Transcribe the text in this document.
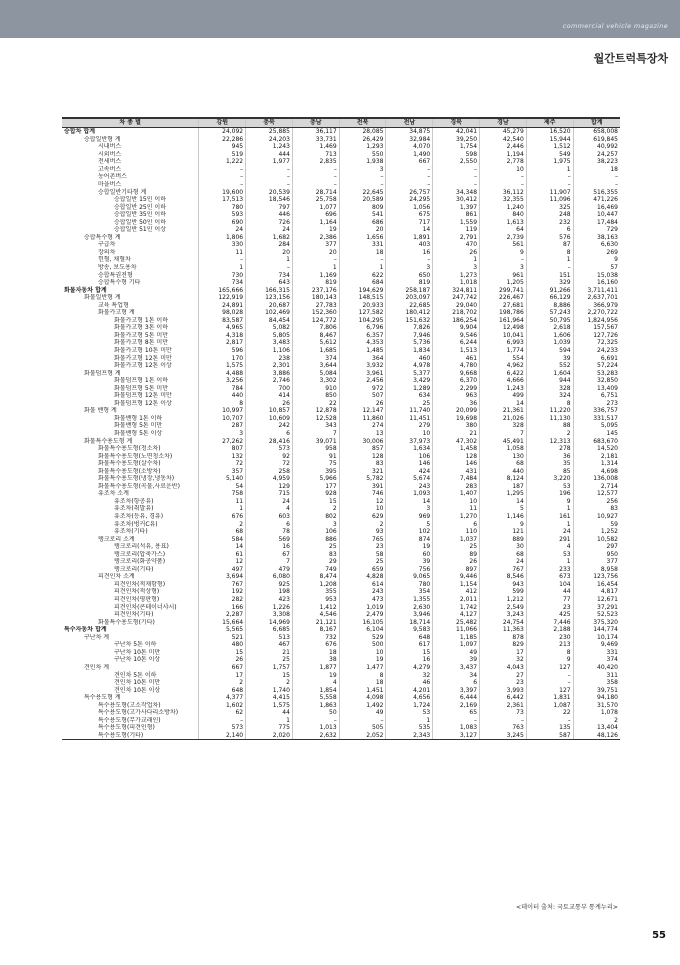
commercial vehicle magazine
월간트럭특장차
차 종 별	강원	충북	충남	전북	전남	경북	경남	제주	합계
승합차 합계	24,092	25,885	36,117	28,085	34,875	42,041	45,279	16,520	658,008
승합일반형 계	22,286	24,203	33,731	26,429	32,984	39,250	42,540	15,944	619,845
시내버스	945	1,243	1,469	1,293	4,070	1,754	2,446	1,512	40,992
시외버스	519	444	713	550	1,490	598	1,194	549	24,257
전세버스	1,222	1,977	2,835	1,938	667	2,550	2,778	1,975	38,223
고속버스	–	–	–	3	–	–	10	1	18
농어촌버스	–	–	–	–	–	–	–	–	–
마을버스	–	–	–	–	–	–	–	–	–
승합일반기타형 계	19,600	20,539	28,714	22,645	26,757	34,348	36,112	11,907	516,355
승합일반 15인 이하	17,513	18,546	25,758	20,589	24,295	30,412	32,355	11,096	471,226
승합일반 25인 이하	780	797	1,077	809	1,056	1,397	1,240	325	16,469
승합일반 35인 이하	593	446	696	541	675	861	840	248	10,447
승합일반 50인 이하	690	726	1,164	686	717	1,559	1,613	232	17,484
승합일반 51인 이상	24	24	19	20	14	119	64	6	729
승합특수형 계	1,806	1,682	2,386	1,656	1,891	2,791	2,739	576	38,163
구급차	330	284	377	331	403	470	561	87	6,630
장의차	11	20	20	18	16	26	9	8	269
헌혈, 채혈차	–	1	–	–	–	1	–	1	9
방송, 보도용차	1	–	1	1	3	3	3	–	57
승합특권전형	730	734	1,169	622	650	1,273	961	151	15,038
승합특수형 기타	734	643	819	684	819	1,018	1,205	329	16,160
화물자동차 합계	165,666	166,315	237,176	194,629	258,187	324,811	299,741	91,266	3,711,411
화물일반형 계	122,919	123,156	180,143	148,515	203,097	247,742	226,467	66,129	2,637,701
교육 특업형	24,891	20,687	27,783	20,933	22,685	29,040	27,681	8,886	366,979
화물카고형 계	98,028	102,469	152,360	127,582	180,412	218,702	198,786	57,243	2,270,722
화물카고형 1톤 이하	83,587	84,454	124,772	104,295	151,632	186,254	161,964	50,795	1,824,956
화물카고형 3톤 이하	4,965	5,082	7,806	6,796	7,826	9,904	12,498	2,618	157,567
화물카고형 5톤 미만	4,318	5,805	8,467	6,357	7,946	9,546	10,041	1,606	127,726
화물카고형 8톤 미만	2,817	3,483	5,612	4,353	5,736	6,244	6,993	1,039	72,325
화물카고형 10톤 미만	596	1,106	1,685	1,485	1,834	1,513	1,774	594	24,233
화물카고형 12톤 미만	170	238	374	364	460	461	554	39	6,691
화물카고형 12톤 이상	1,575	2,301	3,644	3,932	4,978	4,780	4,962	552	57,224
화물덤프형 계	4,488	3,886	5,084	3,961	5,377	9,668	6,422	1,604	53,283
화물덤프형 1톤 이하	3,256	2,746	3,302	2,456	3,429	6,370	4,666	944	32,850
화물덤프형 5톤 미만	784	700	910	972	1,289	2,299	1,243	328	13,409
화물덤프형 12톤 미만	440	414	850	507	634	963	499	324	6,751
화물덤프형 12톤 이상	8	26	22	26	25	36	14	8	273
화물 밴형 계	10,997	10,857	12,878	12,147	11,740	20,099	21,361	11,220	336,757
화물밴형 1톤 이하	10,707	10,609	12,528	11,860	11,451	19,698	21,026	11,130	331,517
화물밴형 5톤 미만	287	242	343	274	279	380	328	88	5,095
화물밴형 5톤 이상	3	6	7	13	10	21	7	2	145
화물특수용도형 계	27,262	28,416	39,071	30,006	37,973	47,302	45,491	12,313	683,670
화물특수용도형(청소차)	807	573	958	857	1,634	1,458	1,058	278	14,520
화물특수용도형(노면청소차)	132	92	91	128	106	128	130	36	2,181
화물특수용도형(살수차)	72	72	75	83	146	146	68	35	1,314
화물특수용도형(소방차)	357	258	395	321	424	431	440	85	4,698
화물특수용도형(냉장,냉동차)	5,140	4,959	5,966	5,782	5,674	7,484	8,124	3,220	136,008
화물특수용도형(곡물,사료운반)	54	129	177	391	243	283	187	53	2,714
유조차 소계	758	715	928	746	1,093	1,407	1,295	196	12,577
유조차(항공유)	11	24	15	12	14	10	14	9	256
유조차(취발유)	1	4	2	10	3	11	5	1	83
유조차(등유, 경유)	676	603	802	629	969	1,270	1,146	161	10,927
유조차(벙커C유)	2	6	3	2	5	6	9	1	59
유조차(기타)	68	78	106	93	102	110	121	24	1,252
탱크로리 소계	584	569	886	765	874	1,037	889	291	10,582
탱크로리(석유, 용표)	14	16	25	23	19	25	30	4	297
탱크로리(압축가스)	61	67	83	58	60	89	68	53	950
탱크로리(화공약품)	12	7	29	25	39	26	24	1	377
탱크로리(기타)	497	479	749	659	756	897	767	233	8,958
피견인차 소계	3,694	6,080	8,474	4,828	9,065	9,446	8,546	673	123,756
피견인차(적재함형)	767	925	1,208	614	780	1,154	943	104	16,454
피견인차(적상형)	192	198	355	243	354	412	599	44	4,817
피견인차(평판형)	282	423	953	473	1,355	2,011	1,212	77	12,671
피견인차(콘테이너샤시)	166	1,226	1,412	1,019	2,630	1,742	2,549	23	37,291
피견인차(기타)	2,287	3,308	4,546	2,479	3,946	4,127	3,243	425	52,523
화물특수용도형(기타)	15,664	14,969	21,121	16,105	18,714	25,482	24,754	7,446	375,320
특수자동차 합계	5,565	6,685	8,167	6,104	9,583	11,066	11,363	2,188	144,774
구난차 계	521	513	732	529	648	1,185	878	230	10,174
구난차 5톤 이하	480	467	676	500	617	1,097	829	213	9,469
구난차 10톤 미만	15	21	18	10	15	49	17	8	331
구난차 10톤 이상	26	25	38	19	16	39	32	9	374
견인차 계	667	1,757	1,877	1,477	4,279	3,437	4,043	127	40,420
견인차 5톤 이하	17	15	19	8	32	34	27	–	311
견인차 10톤 미만	2	2	4	18	46	6	23	–	358
견인차 10톤 이상	648	1,740	1,854	1,451	4,201	3,397	3,993	127	39,751
특수용도형 계	4,377	4,415	5,558	4,098	4,656	6,444	6,442	1,831	94,180
특수용도형(고소작업차)	1,602	1,575	1,863	1,492	1,724	2,169	2,361	1,087	31,570
특수용도형(고가사다리소방차)	62	44	50	49	53	65	73	22	1,078
특수용도형(무가교래인)	–	1	–	–	1	–	–	–	2
특수용도형(피견인형)	573	775	1,013	505	535	1,083	763	135	13,404
특수용도형(기타)	2,140	2,020	2,632	2,052	2,343	3,127	3,245	587	48,126
<데이터 출처: 국토교통부 통계누리>
55
